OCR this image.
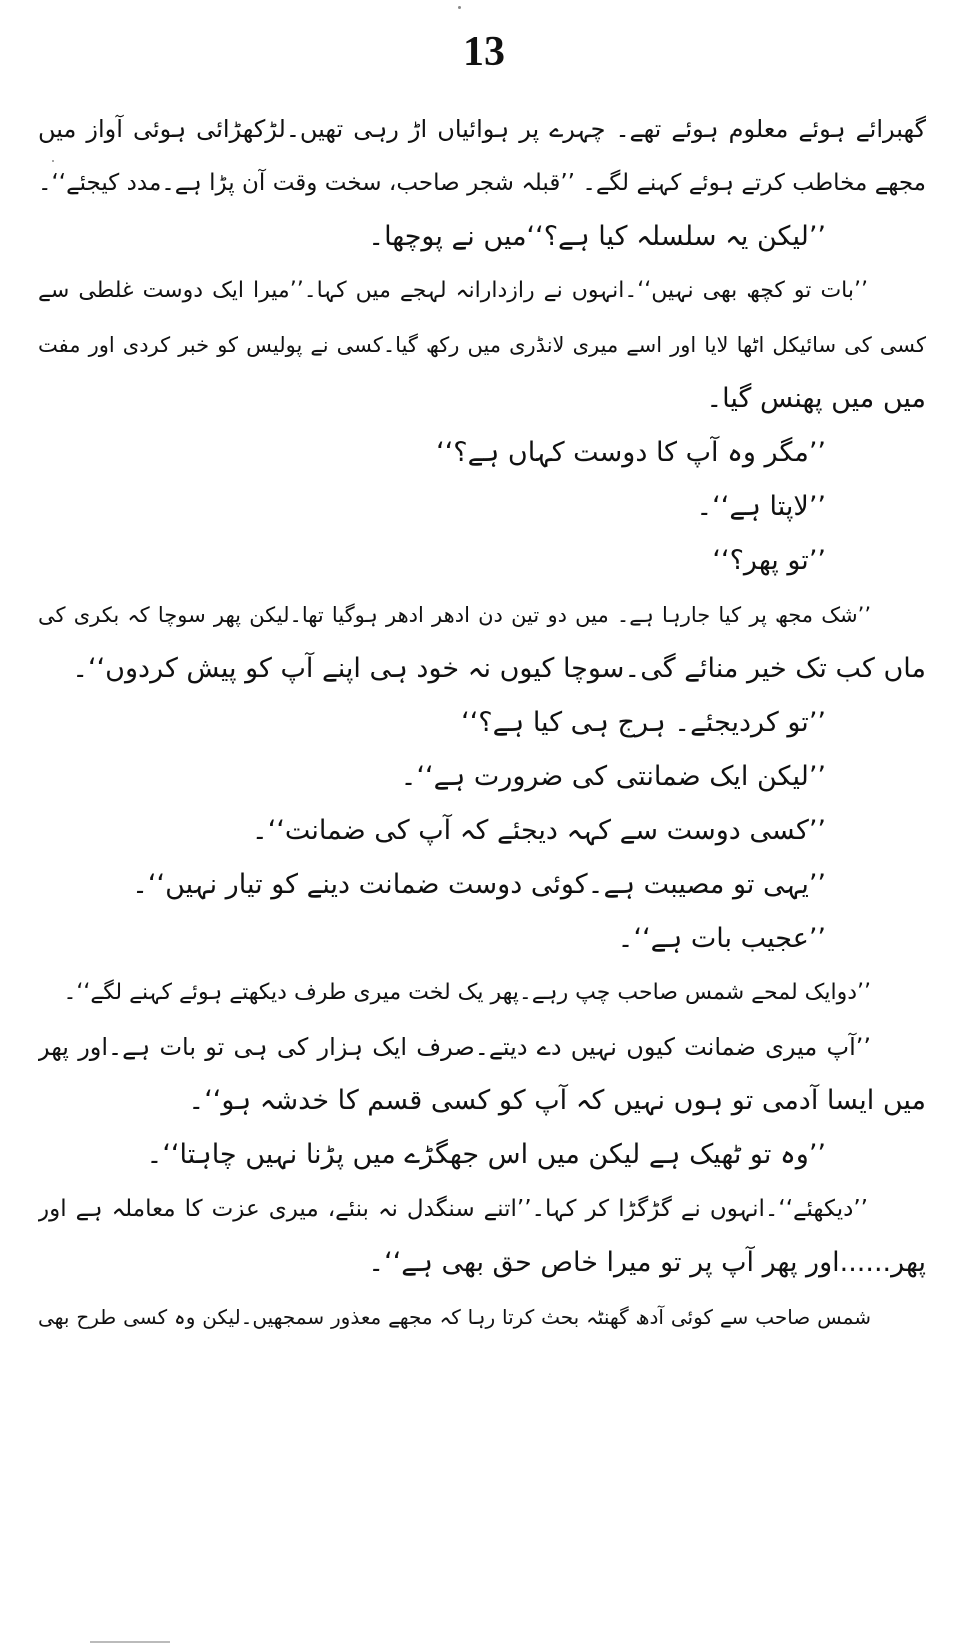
13
گھبرائے ہوئے معلوم ہوئے تھے۔ چہرے پر ہوائیاں اڑ رہی تھیں۔لڑکھڑائی ہوئی آواز میں
مجھے مخاطب کرتے ہوئے کہنے لگے۔ ’’قبلہ شجر صاحب، سخت وقت آن پڑا ہے۔مدد کیجئے‘‘۔
’’لیکن یہ سلسلہ کیا ہے؟‘‘میں نے پوچھا۔
’’بات تو کچھ بھی نہیں‘‘۔انہوں نے رازدارانہ لہجے میں کہا۔’’میرا ایک دوست غلطی سے
کسی کی سائیکل اٹھا لایا اور اسے میری لانڈری میں رکھ گیا۔کسی نے پولیس کو خبر کردی اور مفت
میں میں پھنس گیا۔
’’مگر وہ آپ کا دوست کہاں ہے؟‘‘
’’لاپتا ہے‘‘۔
’’تو پھر؟‘‘
’’شک مجھ پر کیا جارہا ہے۔ میں دو تین دن ادھر ادھر ہوگیا تھا۔لیکن پھر سوچا کہ بکری کی
ماں کب تک خیر منائے گی۔سوچا کیوں نہ خود ہی اپنے آپ کو پیش کردوں‘‘۔
’’تو کردیجئے۔ ہرج ہی کیا ہے؟‘‘
’’لیکن ایک ضمانتی کی ضرورت ہے‘‘۔
’’کسی دوست سے کہہ دیجئے کہ آپ کی ضمانت‘‘۔
’’یہی تو مصیبت ہے۔کوئی دوست ضمانت دینے کو تیار نہیں‘‘۔
’’عجیب بات ہے‘‘۔
’’دوایک لمحے شمس صاحب چپ رہے۔پھر یک لخت میری طرف دیکھتے ہوئے کہنے لگے‘‘۔
’’آپ میری ضمانت کیوں نہیں دے دیتے۔صرف ایک ہزار کی ہی تو بات ہے۔اور پھر
میں ایسا آدمی تو ہوں نہیں کہ آپ کو کسی قسم کا خدشہ ہو‘‘۔
’’وہ تو ٹھیک ہے لیکن میں اس جھگڑے میں پڑنا نہیں چاہتا‘‘۔
’’دیکھئے‘‘۔انہوں نے گڑگڑا کر کہا۔’’اتنے سنگدل نہ بنئے، میری عزت کا معاملہ ہے اور
پھر......اور پھر آپ پر تو میرا خاص حق بھی ہے‘‘۔
شمس صاحب سے کوئی آدھ گھنٹہ بحث کرتا رہا کہ مجھے معذور سمجھیں۔لیکن وہ کسی طرح بھی
